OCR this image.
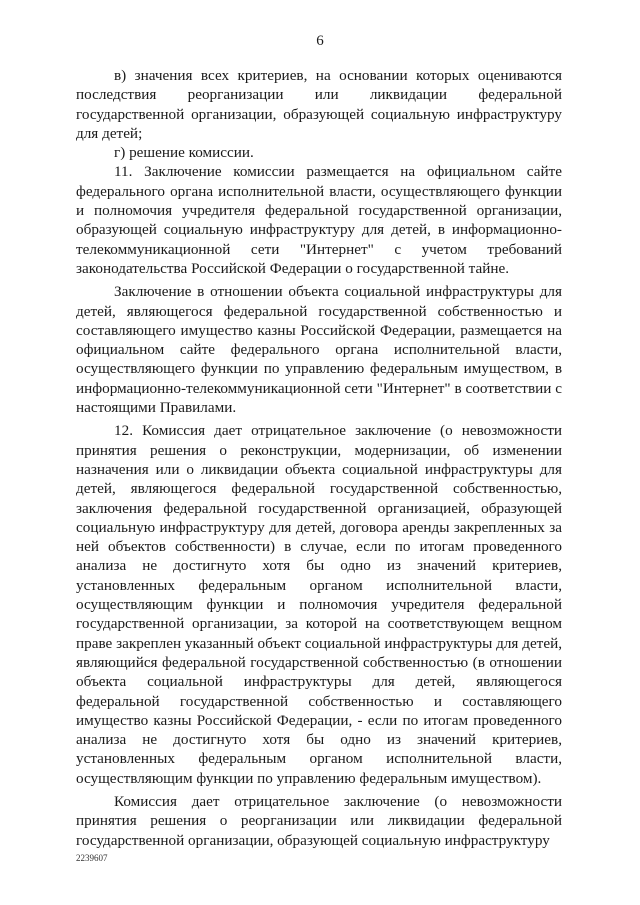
6

в) значения всех критериев, на основании которых оцениваются последствия реорганизации или ликвидации федеральной государственной организации, образующей социальную инфраструктуру для детей;

г) решение комиссии.

11. Заключение комиссии размещается на официальном сайте федерального органа исполнительной власти, осуществляющего функции и полномочия учредителя федеральной государственной организации, образующей социальную инфраструктуру для детей, в информационно-телекоммуникационной сети "Интернет" с учетом требований законодательства Российской Федерации о государственной тайне.

Заключение в отношении объекта социальной инфраструктуры для детей, являющегося федеральной государственной собственностью и составляющего имущество казны Российской Федерации, размещается на официальном сайте федерального органа исполнительной власти, осуществляющего функции по управлению федеральным имуществом, в информационно-телекоммуникационной сети "Интернет" в соответствии с настоящими Правилами.

12. Комиссия дает отрицательное заключение (о невозможности принятия решения о реконструкции, модернизации, об изменении назначения или о ликвидации объекта социальной инфраструктуры для детей, являющегося федеральной государственной собственностью, заключения федеральной государственной организацией, образующей социальную инфраструктуру для детей, договора аренды закрепленных за ней объектов собственности) в случае, если по итогам проведенного анализа не достигнуто хотя бы одно из значений критериев, установленных федеральным органом исполнительной власти, осуществляющим функции и полномочия учредителя федеральной государственной организации, за которой на соответствующем вещном праве закреплен указанный объект социальной инфраструктуры для детей, являющийся федеральной государственной собственностью (в отношении объекта социальной инфраструктуры для детей, являющегося федеральной государственной собственностью и составляющего имущество казны Российской Федерации, - если по итогам проведенного анализа не достигнуто хотя бы одно из значений критериев, установленных федеральным органом исполнительной власти, осуществляющим функции по управлению федеральным имуществом).

Комиссия дает отрицательное заключение (о невозможности принятия решения о реорганизации или ликвидации федеральной государственной организации, образующей социальную инфраструктуру

2239607
